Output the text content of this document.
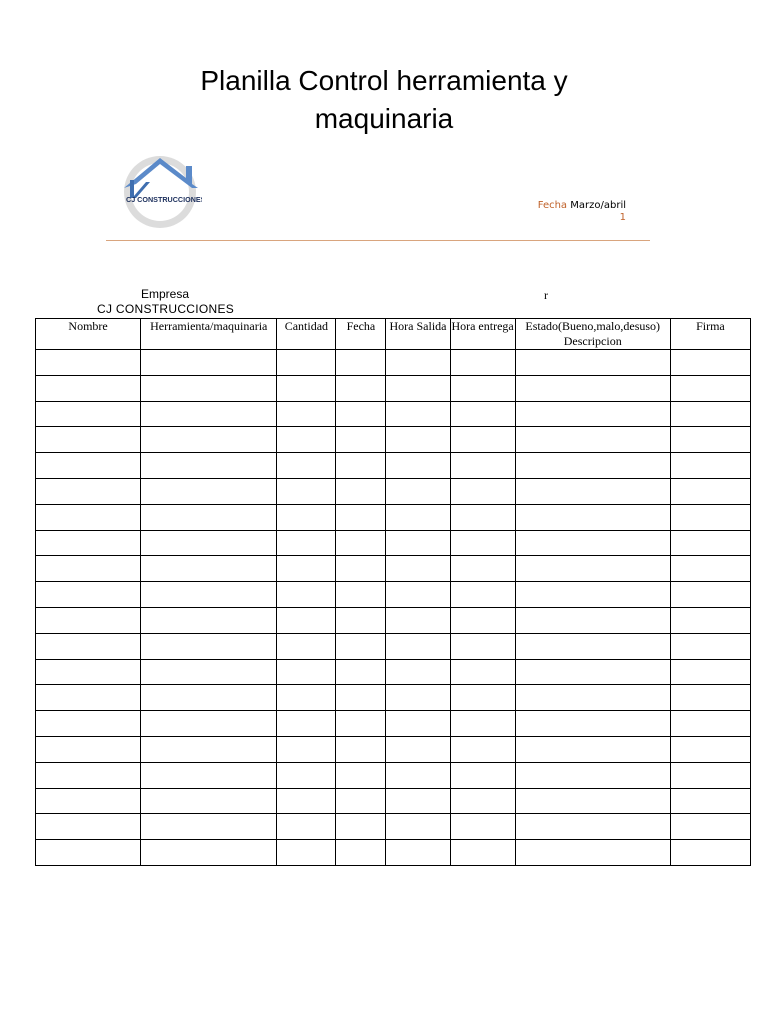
Planilla Control herramienta y
maquinaria
CJ CONSTRUCCIONES
Fecha Marzo/abril
1
Empresa
CJ CONSTRUCCIONES
r
Nombre	Herramienta/maquinaria	Cantidad	Fecha	Hora Salida	Hora entrega	Estado(Bueno,malo,desuso) Descripcion	Firma
